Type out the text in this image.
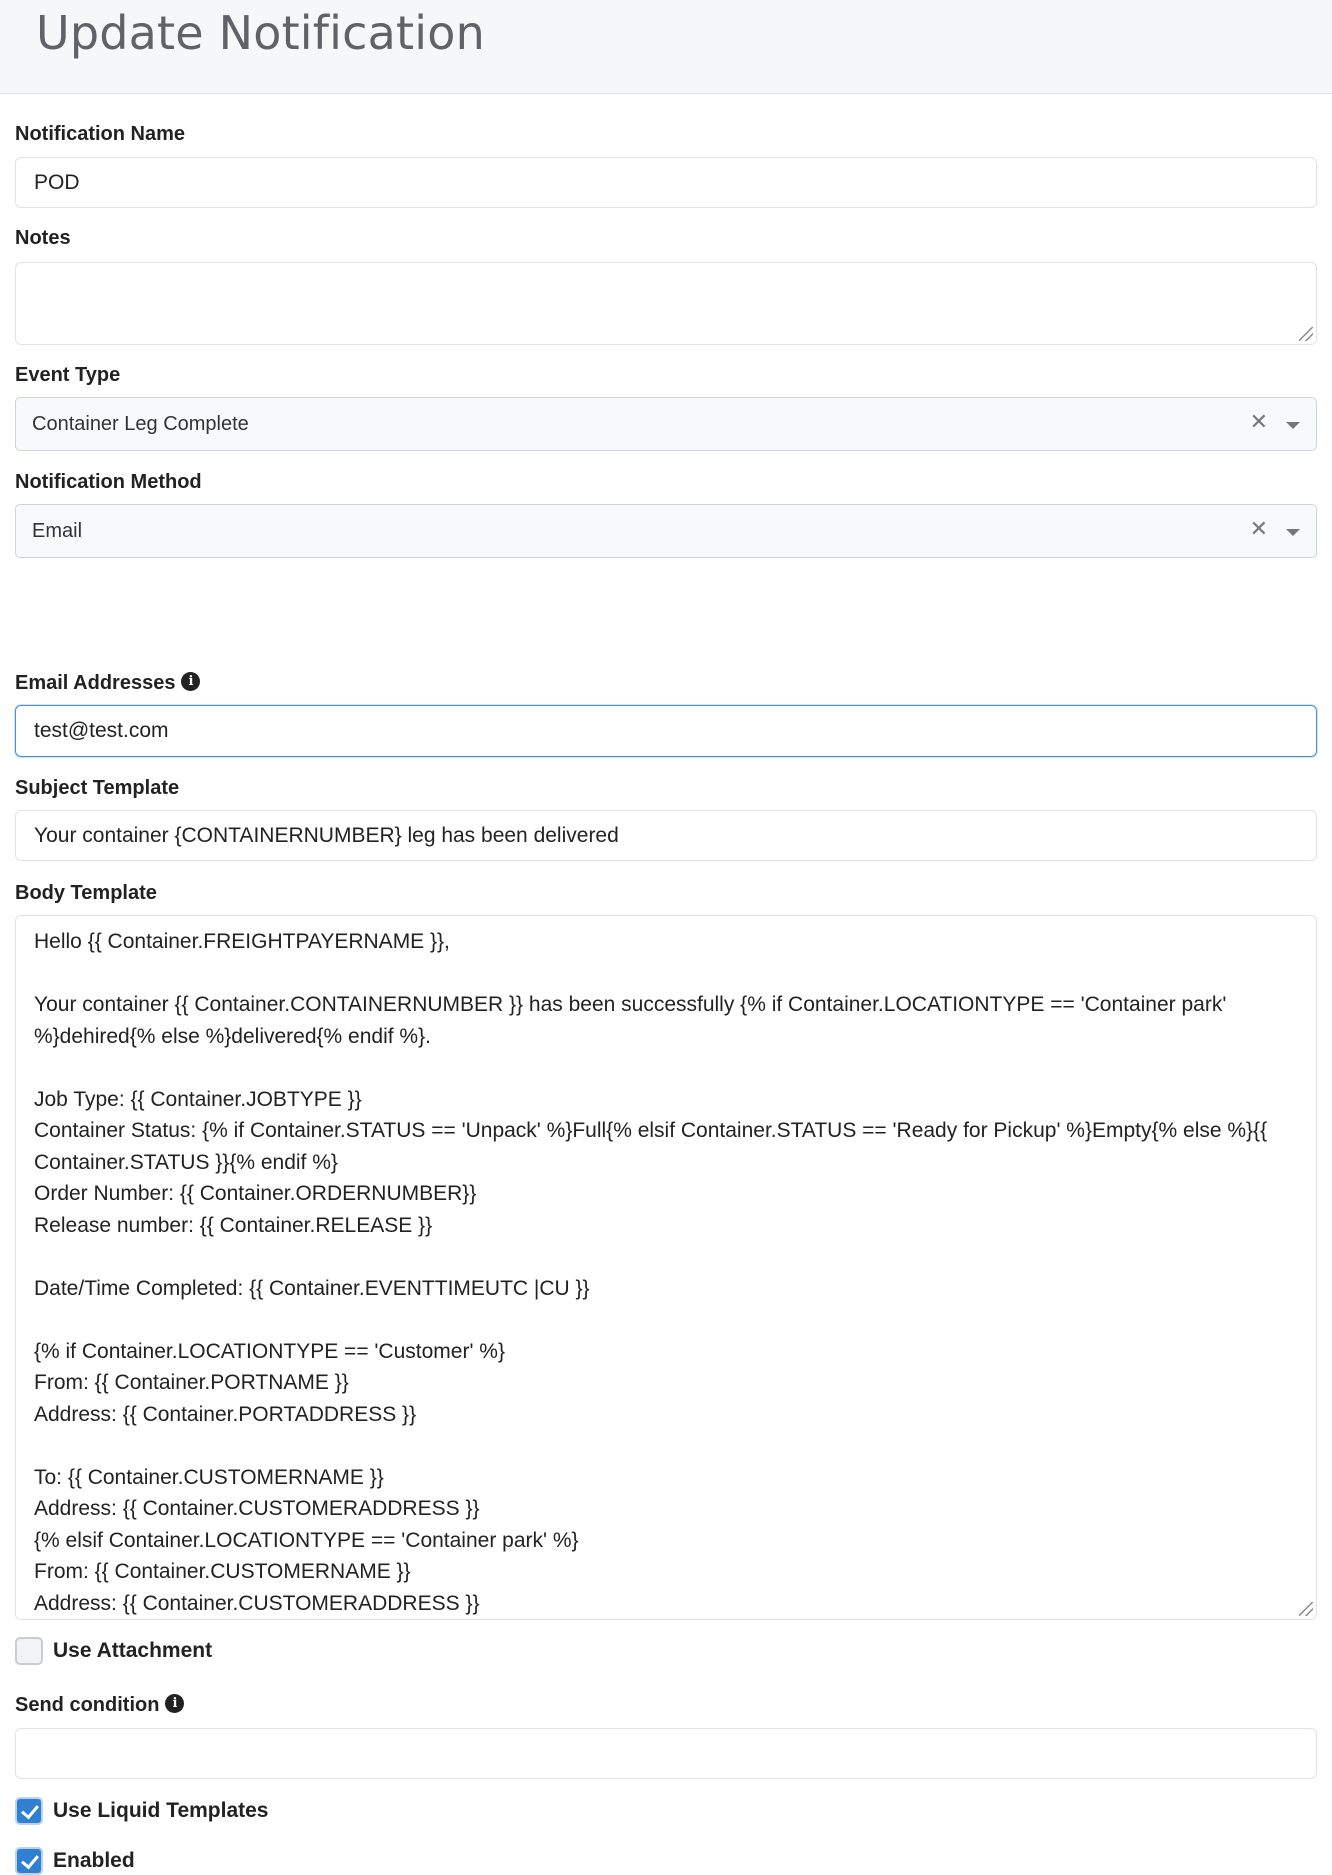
Update Notification
Notification Name
POD
Notes
Event Type
Container Leg Complete	✕
Notification Method
Email	✕
Email Addresses i
test@test.com
Subject Template
Your container {CONTAINERNUMBER} leg has been delivered
Body Template
Hello {{ Container.FREIGHTPAYERNAME }},

Your container {{ Container.CONTAINERNUMBER }} has been successfully {% if Container.LOCATIONTYPE == 'Container park' %}dehired{% else %}delivered{% endif %}.

Job Type: {{ Container.JOBTYPE }}
Container Status: {% if Container.STATUS == 'Unpack' %}Full{% elsif Container.STATUS == 'Ready for Pickup' %}Empty{% else %}{{ Container.STATUS }}{% endif %}
Order Number: {{ Container.ORDERNUMBER}}
Release number: {{ Container.RELEASE }}

Date/Time Completed: {{ Container.EVENTTIMEUTC |CU }}

{% if Container.LOCATIONTYPE == 'Customer' %}
From: {{ Container.PORTNAME }}
Address: {{ Container.PORTADDRESS }}

To: {{ Container.CUSTOMERNAME }}
Address: {{ Container.CUSTOMERADDRESS }}
{% elsif Container.LOCATIONTYPE == 'Container park' %}
From: {{ Container.CUSTOMERNAME }}
Address: {{ Container.CUSTOMERADDRESS }}
Use Attachment
Send condition i
Use Liquid Templates
Enabled
